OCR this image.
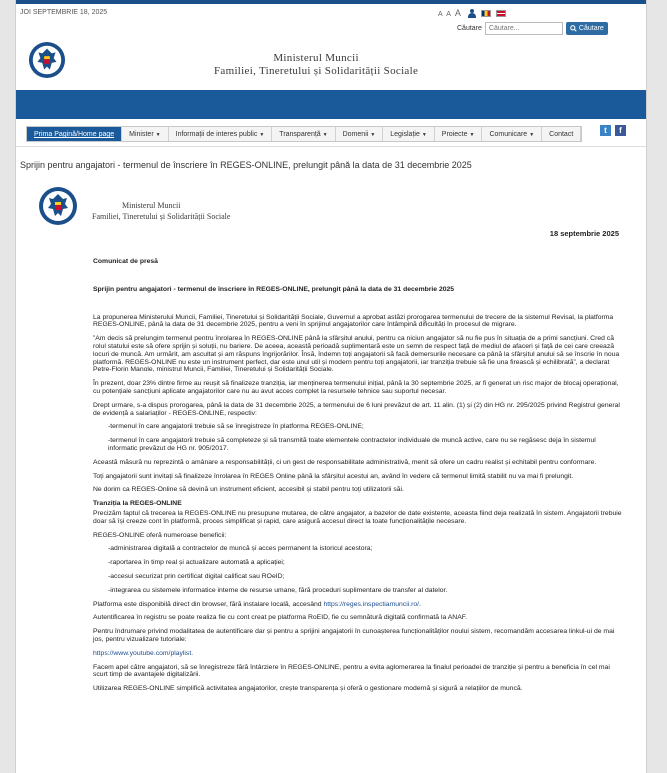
JOI SEPTEMBRIE 18, 2025	A A A
Căutare
Căutare...	Căutare
Ministerul Muncii
Familiei, Tineretului și Solidarității Sociale
Prima Pagină/Home page	Minister ▼	Informații de interes public ▼	Transparență ▼	Domenii ▼	Legislație ▼	Proiecte ▼	Comunicare ▼	Contact	t	f
Sprijin pentru angajatori - termenul de înscriere în REGES-ONLINE, prelungit până la data de 31 decembrie 2025
Ministerul Muncii
Familiei, Tineretului și Solidarității Sociale
18 septembrie 2025

Comunicat de presă

Sprijin pentru angajatori - termenul de înscriere în REGES-ONLINE, prelungit până la data de 31 decembrie 2025

La propunerea Ministerului Muncii, Familiei, Tineretului și Solidarității Sociale, Guvernul a aprobat astăzi prorogarea termenului de trecere de la sistemul Revisal, la platforma REGES-ONLINE, până la data de 31 decembrie 2025, pentru a veni în sprijinul angajatorilor care întâmpină dificultăți în procesul de migrare.

”Am decis să prelungim termenul pentru înrolarea în REGES-ONLINE până la sfârșitul anului, pentru ca niciun angajator să nu fie pus în situația de a primi sancțiuni. Cred că rolul statului este să ofere sprijin și soluții, nu bariere. De aceea, această perioadă suplimentară este un semn de respect față de mediul de afaceri și față de cei care creează locuri de muncă. Am urmărit, am ascultat și am răspuns îngrijorărilor. Însă, îndemn toți angajatorii să facă demersurile necesare ca până la sfârșitul anului să se înscrie în noua platformă. REGES-ONLINE nu este un instrument perfect, dar este unul util și modern pentru toți angajatorii, iar tranziția trebuie să fie una firească și echilibrată”, a declarat Petre-Florin Manole, ministrul Muncii, Familiei, Tineretului și Solidarității Sociale.

În prezent, doar 23% dintre firme au reușit să finalizeze tranziția, iar menținerea termenului inițial, până la 30 septembrie 2025, ar fi generat un risc major de blocaj operațional, cu potențiale sancțiuni aplicate angajatorilor care nu au avut acces complet la resursele tehnice sau suportul necesar.

Drept urmare, s-a dispus prorogarea, până la data de 31 decembrie 2025, a termenului de 6 luni prevăzut de art. 11 alin. (1) și (2) din HG nr. 295/2025 privind Registrul general de evidență a salariaților - REGES-ONLINE, respectiv:

-termenul în care angajatorii trebuie să se înregistreze în platforma REGES-ONLINE;

-termenul în care angajatorii trebuie să completeze și să transmită toate elementele contractelor individuale de muncă active, care nu se regăsesc deja în sistemul informatic prevăzut de HG nr. 905/2017.

Această măsură nu reprezintă o amânare a responsabilității, ci un gest de responsabilitate administrativă, menit să ofere un cadru realist și echitabil pentru conformare.

Toți angajatorii sunt invitați să finalizeze înrolarea în REGES Online până la sfârșitul acestui an, având în vedere că termenul limită stabilit nu va mai fi prelungit.

Ne dorim ca REGES-Online să devină un instrument eficient, accesibil și stabil pentru toți utilizatorii săi.

Tranziția la REGES-ONLINE

Precizăm faptul că trecerea la REGES-ONLINE nu presupune mutarea, de către angajator, a bazelor de date existente, aceasta fiind deja realizată în sistem. Angajatorii trebuie doar să își creeze cont în platformă, proces simplificat și rapid, care asigură accesul direct la toate funcționalitățile necesare.

REGES-ONLINE oferă numeroase beneficii:

-administrarea digitală a contractelor de muncă și acces permanent la istoricul acestora;

-raportarea în timp real și actualizare automată a aplicației;

-accesul securizat prin certificat digital calificat sau ROeID;

-integrarea cu sistemele informatice interne de resurse umane, fără proceduri suplimentare de transfer al datelor.

Platforma este disponibilă direct din browser, fără instalare locală, accesând https://reges.inspectiamuncii.ro/.

Autentificarea în registru se poate realiza fie cu cont creat pe platforma RoEID, fie cu semnătură digitală confirmată la ANAF.

Pentru îndrumare privind modalitatea de autentificare dar și pentru a sprijini angajatorii în cunoașterea funcționalităților noului sistem, recomandăm accesarea linkul-ui de mai jos, pentru vizualizare tutoriale:

https://www.youtube.com/playlist.

Facem apel către angajatori, să se înregistreze fără întârziere în REGES-ONLINE, pentru a evita aglomerarea la finalul perioadei de tranziție și pentru a beneficia în cel mai scurt timp de avantajele digitalizării.

Utilizarea REGES-ONLINE simplifică activitatea angajatorilor, crește transparența și oferă o gestionare modernă și sigură a relațiilor de muncă.
